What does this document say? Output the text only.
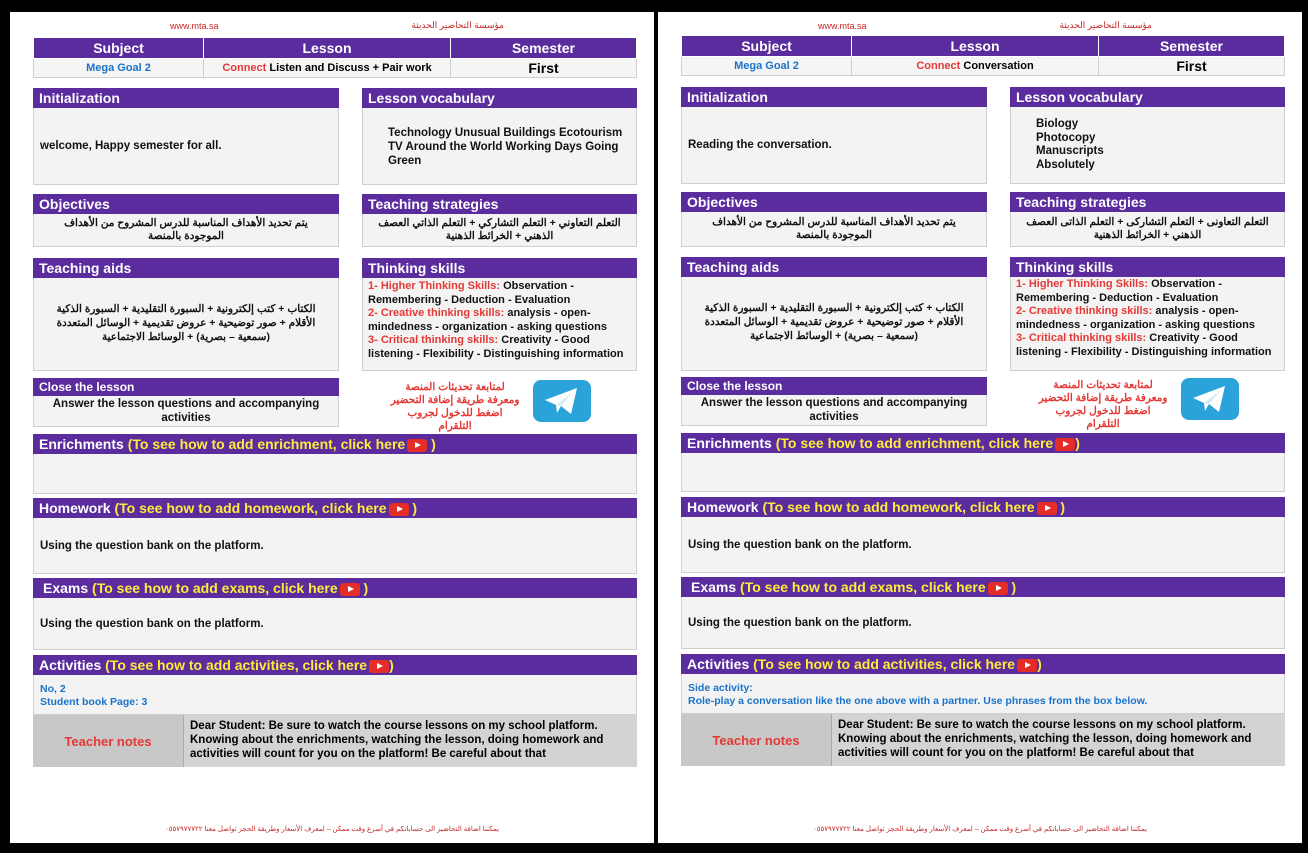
www.mta.sa	مؤسسة التحاضير الحديثة
Subject	Lesson	Semester
Mega Goal 2	Connect Listen and Discuss + Pair work	First
Initialization
welcome, Happy semester for all.
Lesson vocabulary
Technology Unusual Buildings Ecotourism TV Around the World Working Days Going Green
Objectives
يتم تحديد الأهداف المناسبة للدرس المشروح من الأهداف الموجودة بالمنصة
Teaching strategies
التعلم التعاوني + التعلم التشاركي + التعلم الذاتي العصف الذهني + الخرائط الذهنية
Teaching aids
الكتاب + كتب إلكترونية + السبورة التقليدية + السبورة الذكية الأقلام + صور توضيحية + عروض تقديمية + الوسائل المتعددة (سمعية – بصرية) + الوسائط الاجتماعية
Thinking skills
1- Higher Thinking Skills: Observation - Remembering - Deduction - Evaluation
2- Creative thinking skills: analysis - open-mindedness - organization - asking questions
3- Critical thinking skills: Creativity - Good listening - Flexibility - Distinguishing information
Close the lesson
Answer the lesson questions and accompanying activities
لمتابعة تحديثات المنصة ومعرفة طريقة إضافة التحضير اضغط للدخول لجروب التلقرام
Enrichments (To see how to add enrichment, click here )
Homework (To see how to add homework, click here )
Using the question bank on the platform.
Exams (To see how to add exams, click here )
Using the question bank on the platform.
Activities (To see how to add activities, click here )
No, 2
Student book Page: 3
Teacher notes
Dear Student: Be sure to watch the course lessons on my school platform. Knowing about the enrichments, watching the lesson, doing homework and activities will count for you on the platform! Be careful about that
يمكننا اضافة التحاضير الى حساباتكم في أسرع وقت ممكن – لمعرف الأسعار وطريقة الحجز تواصل معنا ٠٥٥٧٩٧٧٧٢٢
www.mta.sa	مؤسسة التحاضير الحديثة
Subject	Lesson	Semester
Mega Goal 2	Connect Conversation	First
Initialization
Reading the conversation.
Lesson vocabulary
Biology
Photocopy
Manuscripts
Absolutely
Objectives
يتم تحديد الأهداف المناسبة للدرس المشروح من الأهداف الموجودة بالمنصة
Teaching strategies
التعلم التعاونى + التعلم التشاركى + التعلم الذاتى العصف الذهني + الخرائط الذهنية
Teaching aids
الكتاب + كتب إلكترونية + السبورة التقليدية + السبورة الذكية الأقلام + صور توضيحية + عروض تقديمية + الوسائل المتعددة (سمعية – بصرية) + الوسائط الاجتماعية
Thinking skills
1- Higher Thinking Skills: Observation - Remembering - Deduction - Evaluation
2- Creative thinking skills: analysis - open-mindedness - organization - asking questions
3- Critical thinking skills: Creativity - Good listening - Flexibility - Distinguishing information
Close the lesson
Answer the lesson questions and accompanying activities
لمتابعة تحديثات المنصة ومعرفة طريقة إضافة التحضير اضغط للدخول لجروب التلقرام
Enrichments (To see how to add enrichment, click here )
Homework (To see how to add homework, click here )
Using the question bank on the platform.
Exams (To see how to add exams, click here )
Using the question bank on the platform.
Activities (To see how to add activities, click here )
Side activity:
Role-play a conversation like the one above with a partner. Use phrases from the box below.
Teacher notes
Dear Student: Be sure to watch the course lessons on my school platform. Knowing about the enrichments, watching the lesson, doing homework and activities will count for you on the platform! Be careful about that
يمكننا اضافة التحاضير الى حساباتكم في أسرع وقت ممكن – لمعرف الأسعار وطريقة الحجز تواصل معنا ٠٥٥٧٩٧٧٧٢٢
